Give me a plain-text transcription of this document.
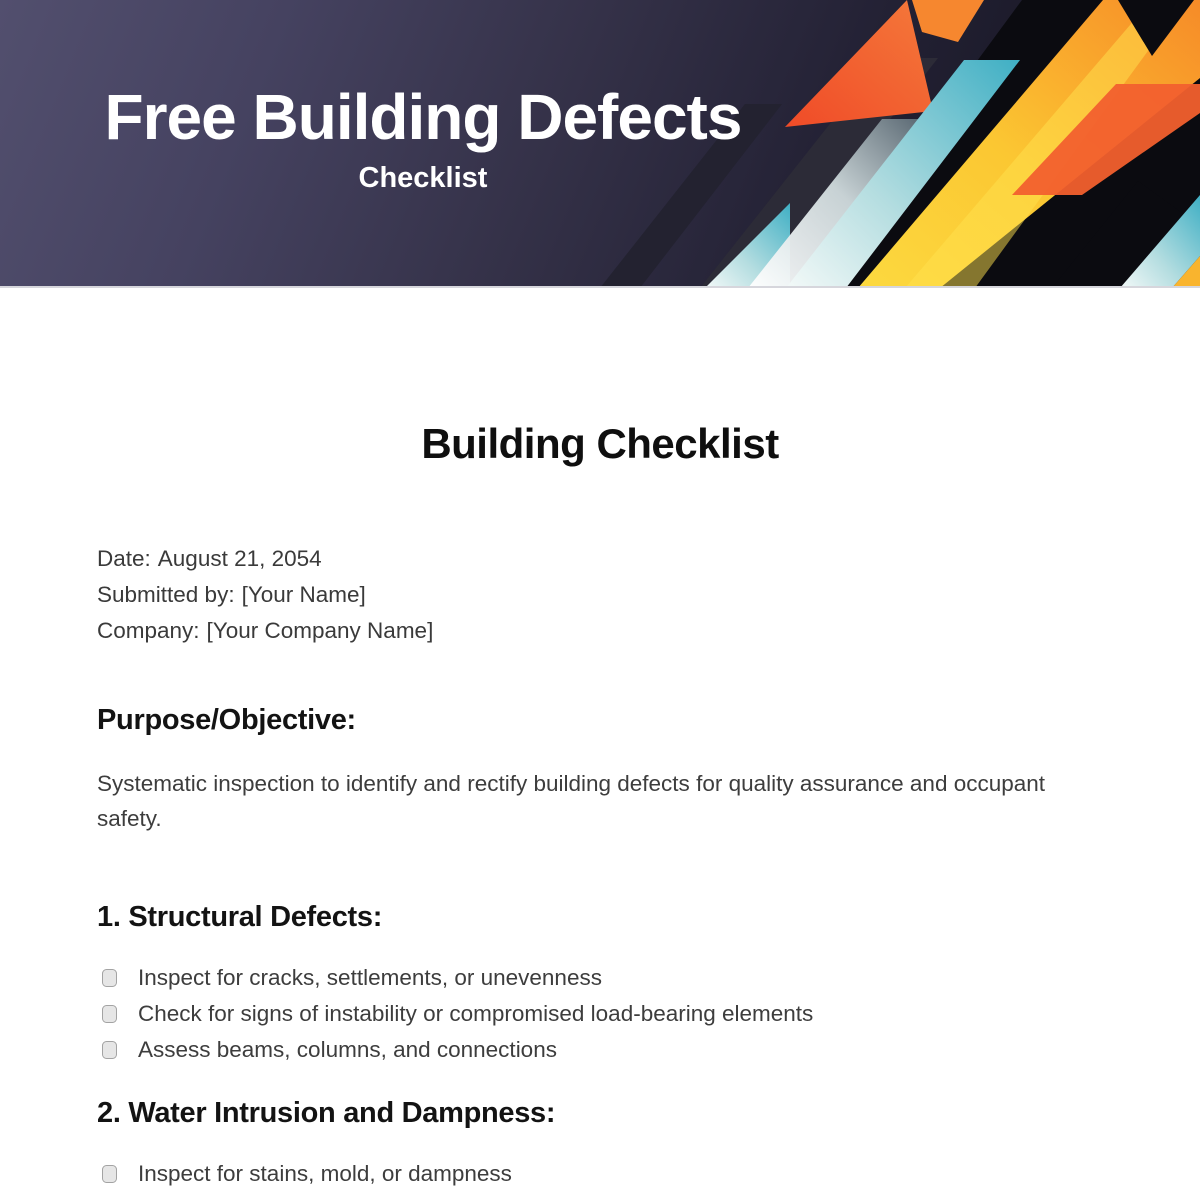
Free Building Defects
Checklist
Building Checklist

Date: August 21, 2054

Submitted by: [Your Name]

Company: [Your Company Name]

Purpose/Objective:

Systematic inspection to identify and rectify building defects for quality assurance and occupant safety.

1. Structural Defects:
Inspect for cracks, settlements, or unevenness
Check for signs of instability or compromised load-bearing elements
Assess beams, columns, and connections
2. Water Intrusion and Dampness:
Inspect for stains, mold, or dampness
